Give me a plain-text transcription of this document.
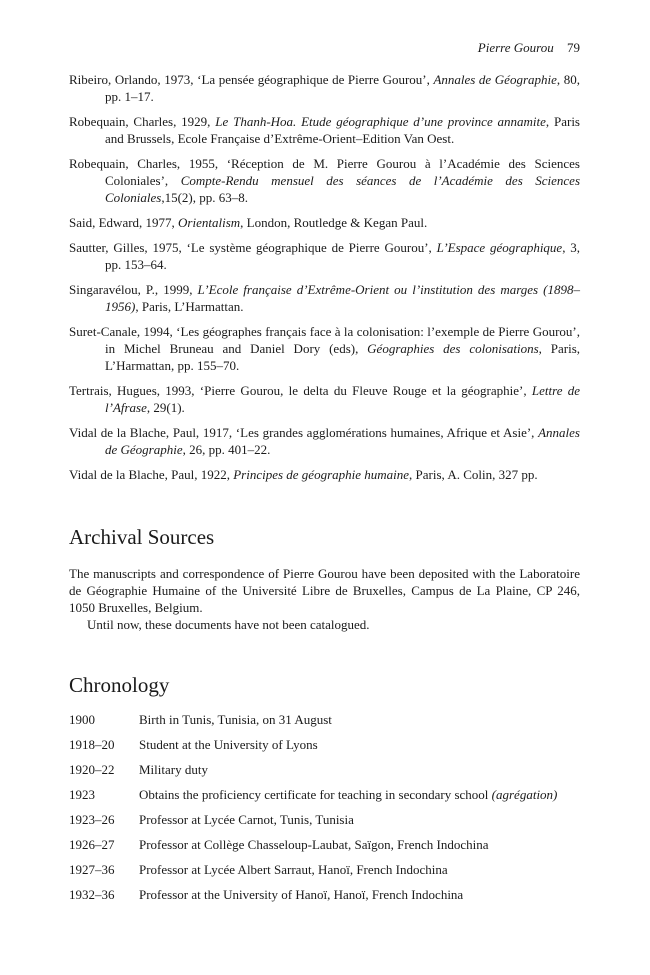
Pierre Gourou 79

Ribeiro, Orlando, 1973, ‘La pensée géographique de Pierre Gourou’, Annales de Géographie, 80, pp. 1–17.

Robequain, Charles, 1929, Le Thanh-Hoa. Etude géographique d’une province annamite, Paris and Brussels, Ecole Française d’Extrême-Orient–Edition Van Oest.

Robequain, Charles, 1955, ‘Réception de M. Pierre Gourou à l’Académie des Sciences Coloniales’, Compte-Rendu mensuel des séances de l’Académie des Sciences Coloniales,15(2), pp. 63–8.

Said, Edward, 1977, Orientalism, London, Routledge & Kegan Paul.

Sautter, Gilles, 1975, ‘Le système géographique de Pierre Gourou’, L’Espace géographique, 3, pp. 153–64.

Singaravélou, P., 1999, L’Ecole française d’Extrême-Orient ou l’institution des marges (1898–1956), Paris, L’Harmattan.

Suret-Canale, 1994, ‘Les géographes français face à la colonisation: l’exemple de Pierre Gourou’, in Michel Bruneau and Daniel Dory (eds), Géographies des colonisations, Paris, L’Harmattan, pp. 155–70.

Tertrais, Hugues, 1993, ‘Pierre Gourou, le delta du Fleuve Rouge et la géographie’, Lettre de l’Afrase, 29(1).

Vidal de la Blache, Paul, 1917, ‘Les grandes agglomérations humaines, Afrique et Asie’, Annales de Géographie, 26, pp. 401–22.

Vidal de la Blache, Paul, 1922, Principes de géographie humaine, Paris, A. Colin, 327 pp.

Archival Sources

The manuscripts and correspondence of Pierre Gourou have been deposited with the Laboratoire de Géographie Humaine of the Université Libre de Bruxelles, Campus de La Plaine, CP 246, 1050 Bruxelles, Belgium.

Until now, these documents have not been catalogued.

Chronology
1900	Birth in Tunis, Tunisia, on 31 August
1918–20	Student at the University of Lyons
1920–22	Military duty
1923	Obtains the proficiency certificate for teaching in secondary school (agrégation)
1923–26	Professor at Lycée Carnot, Tunis, Tunisia
1926–27	Professor at Collège Chasseloup-Laubat, Saïgon, French Indochina
1927–36	Professor at Lycée Albert Sarraut, Hanoï, French Indochina
1932–36	Professor at the University of Hanoï, Hanoï, French Indochina
